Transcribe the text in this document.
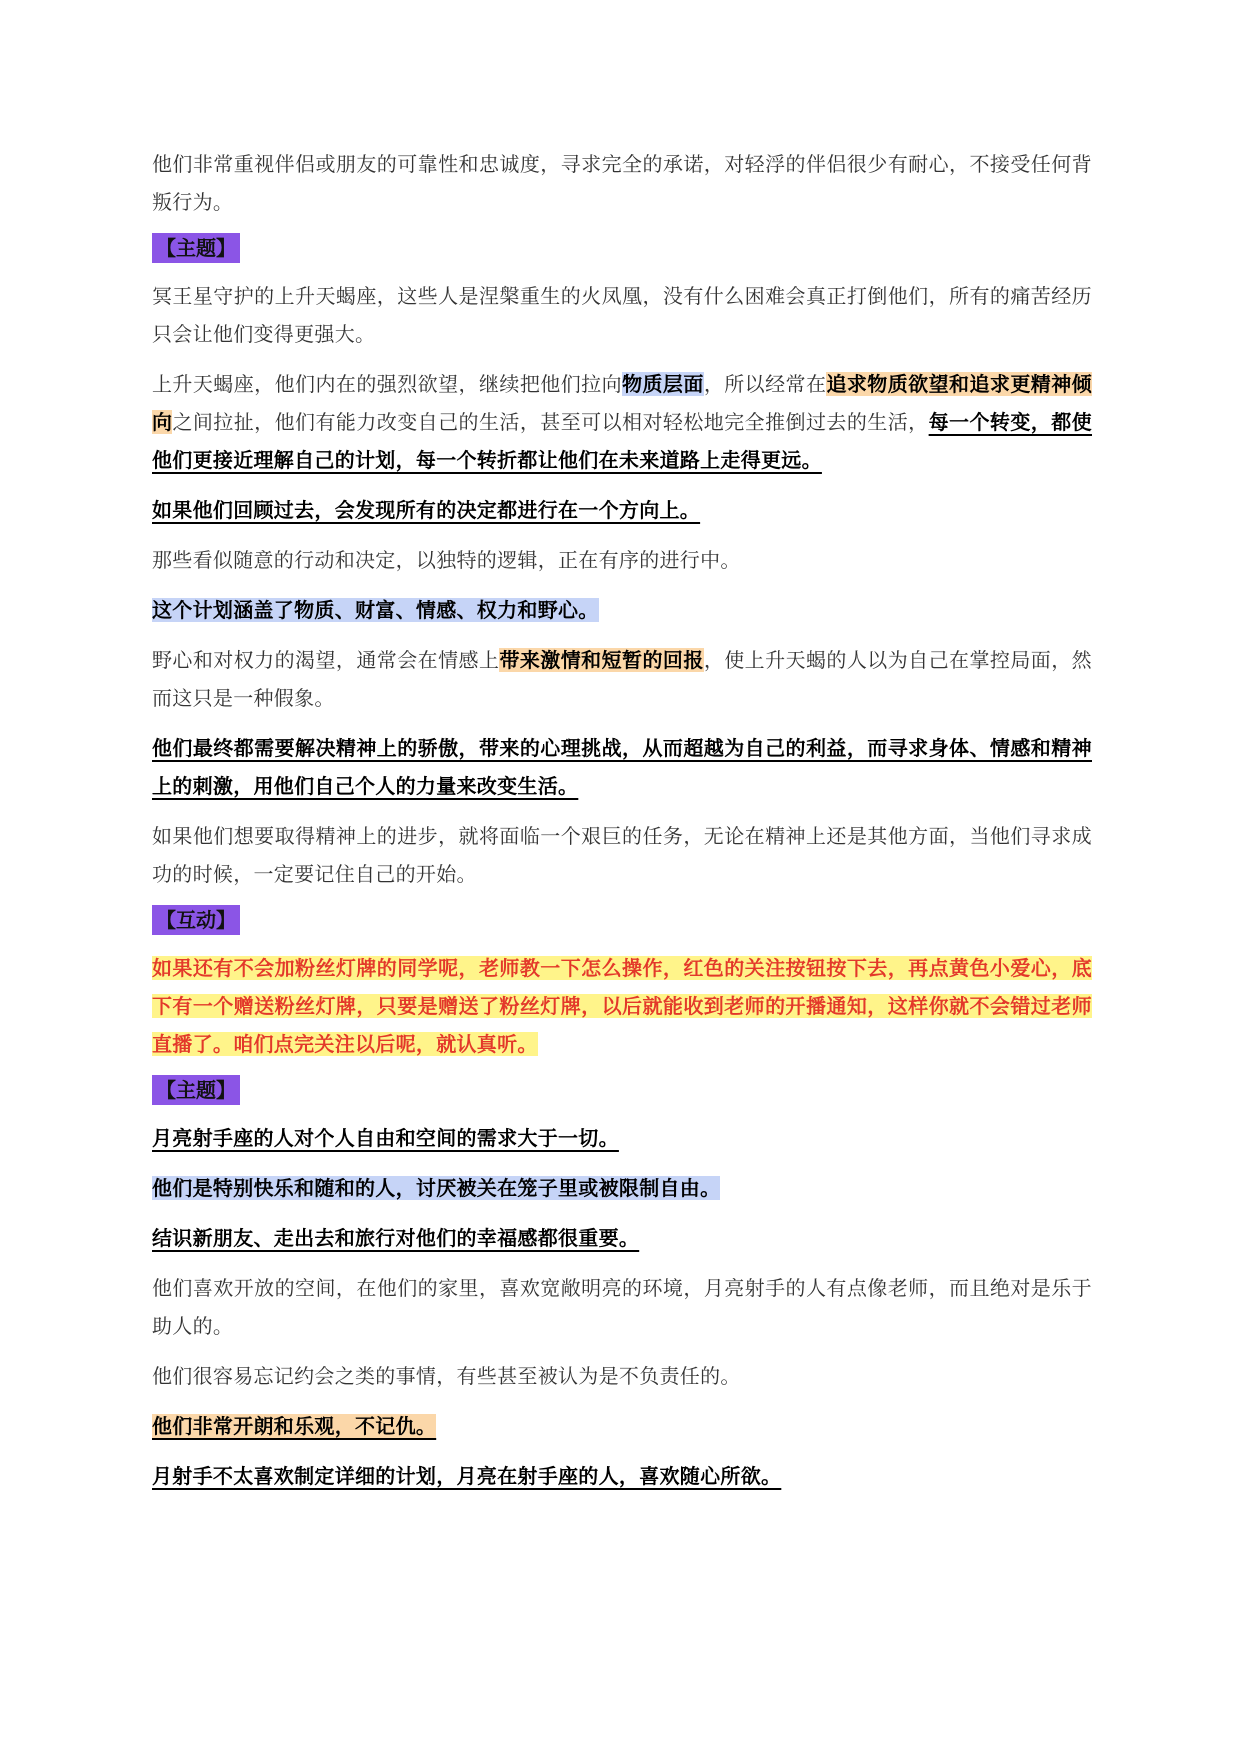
他们非常重视伴侣或朋友的可靠性和忠诚度，寻求完全的承诺，对轻浮的伴侣很少有耐心，不接受任何背叛行为。

【主题】

冥王星守护的上升天蝎座，这些人是涅槃重生的火凤凰，没有什么困难会真正打倒他们，所有的痛苦经历只会让他们变得更强大。

上升天蝎座，他们内在的强烈欲望，继续把他们拉向物质层面，所以经常在追求物质欲望和追求更精神倾向之间拉扯，他们有能力改变自己的生活，甚至可以相对轻松地完全推倒过去的生活，每一个转变，都使他们更接近理解自己的计划，每一个转折都让他们在未来道路上走得更远。

如果他们回顾过去，会发现所有的决定都进行在一个方向上。

那些看似随意的行动和决定，以独特的逻辑，正在有序的进行中。

这个计划涵盖了物质、财富、情感、权力和野心。

野心和对权力的渴望，通常会在情感上带来激情和短暂的回报，使上升天蝎的人以为自己在掌控局面，然而这只是一种假象。

他们最终都需要解决精神上的骄傲，带来的心理挑战，从而超越为自己的利益，而寻求身体、情感和精神上的刺激，用他们自己个人的力量来改变生活。

如果他们想要取得精神上的进步，就将面临一个艰巨的任务，无论在精神上还是其他方面，当他们寻求成功的时候，一定要记住自己的开始。

【互动】

如果还有不会加粉丝灯牌的同学呢，老师教一下怎么操作，红色的关注按钮按下去，再点黄色小爱心，底下有一个赠送粉丝灯牌，只要是赠送了粉丝灯牌，以后就能收到老师的开播通知，这样你就不会错过老师直播了。咱们点完关注以后呢，就认真听。

【主题】

月亮射手座的人对个人自由和空间的需求大于一切。

他们是特别快乐和随和的人，讨厌被关在笼子里或被限制自由。

结识新朋友、走出去和旅行对他们的幸福感都很重要。

他们喜欢开放的空间，在他们的家里，喜欢宽敞明亮的环境，月亮射手的人有点像老师，而且绝对是乐于助人的。

他们很容易忘记约会之类的事情，有些甚至被认为是不负责任的。

他们非常开朗和乐观，不记仇。

月射手不太喜欢制定详细的计划，月亮在射手座的人，喜欢随心所欲。
